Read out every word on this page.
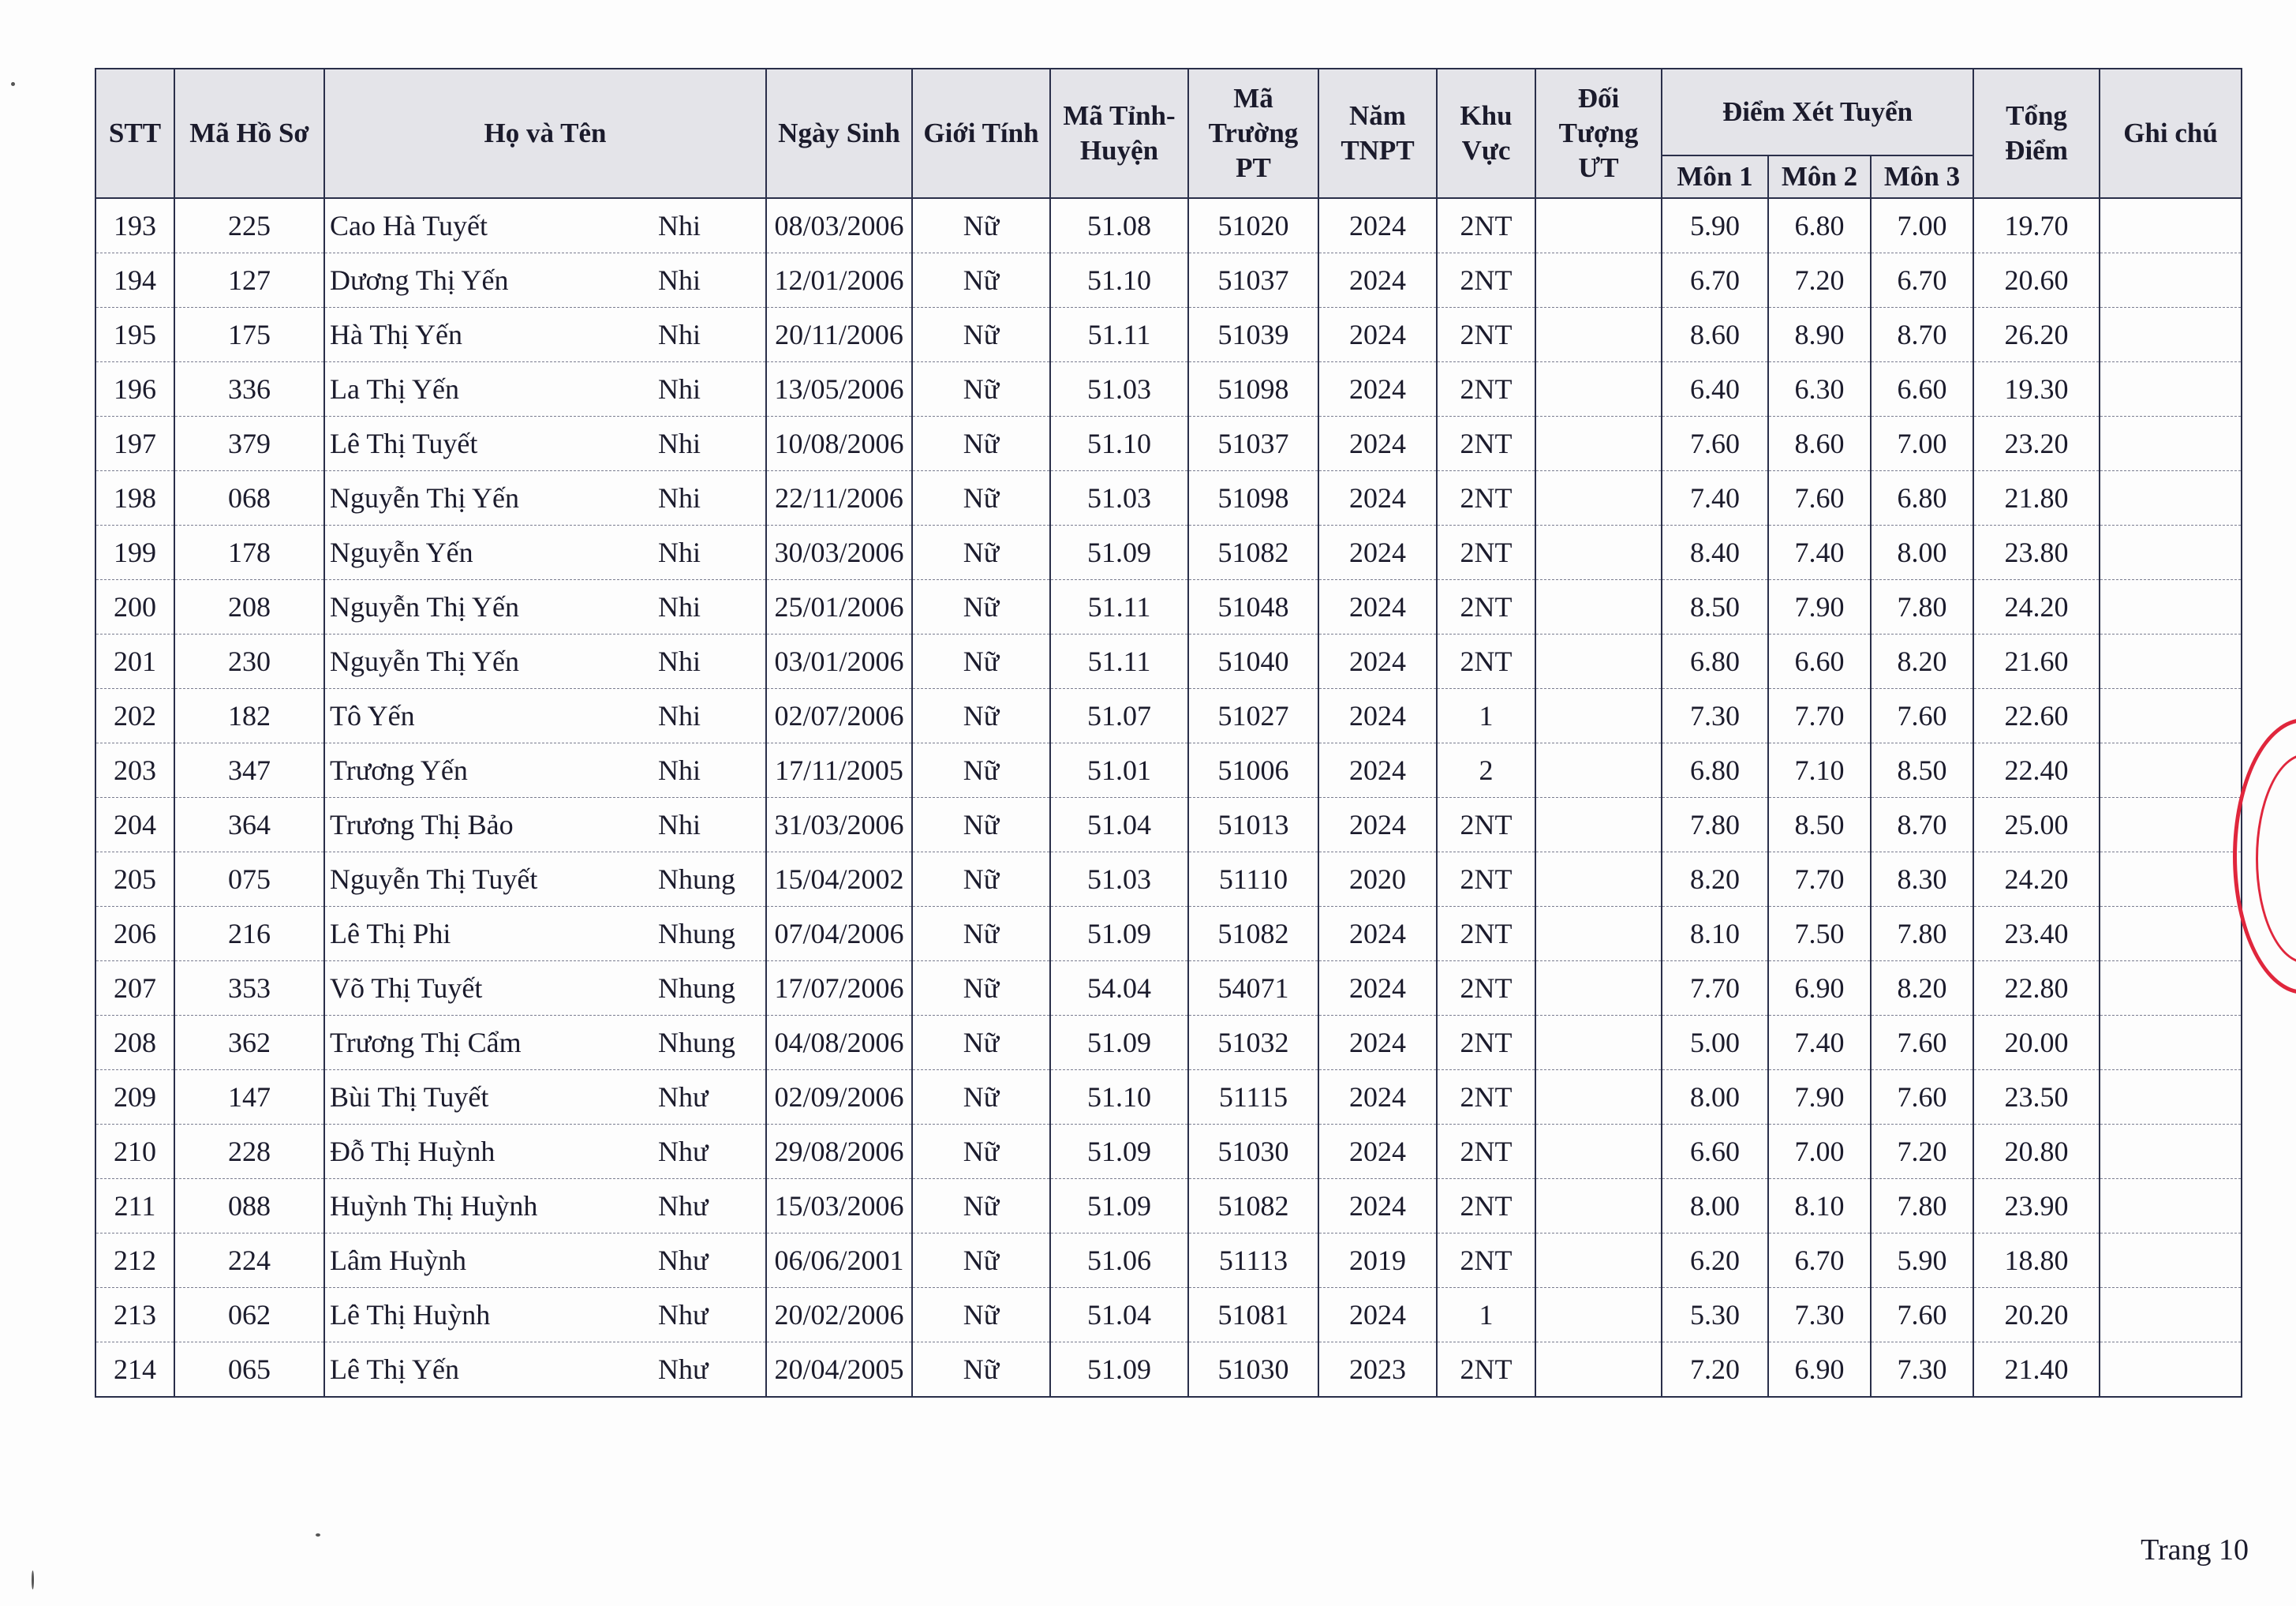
STT	Mã Hồ Sơ	Họ và Tên	Ngày Sinh	Giới Tính	Mã Tỉnh-Huyện	Mã Trường PT	Năm TNPT	Khu Vực	Đối Tượng ƯT	Điểm Xét Tuyển			Tổng Điểm	Ghi chú
										Môn 1	Môn 2	Môn 3		
193	225	Cao Hà Tuyết Nhi	08/03/2006	Nữ	51.08	51020	2024	2NT		5.90	6.80	7.00	19.70	
194	127	Dương Thị Yến Nhi	12/01/2006	Nữ	51.10	51037	2024	2NT		6.70	7.20	6.70	20.60	
195	175	Hà Thị Yến Nhi	20/11/2006	Nữ	51.11	51039	2024	2NT		8.60	8.90	8.70	26.20	
196	336	La Thị Yến Nhi	13/05/2006	Nữ	51.03	51098	2024	2NT		6.40	6.30	6.60	19.30	
197	379	Lê Thị Tuyết Nhi	10/08/2006	Nữ	51.10	51037	2024	2NT		7.60	8.60	7.00	23.20	
198	068	Nguyễn Thị Yến Nhi	22/11/2006	Nữ	51.03	51098	2024	2NT		7.40	7.60	6.80	21.80	
199	178	Nguyễn Yến Nhi	30/03/2006	Nữ	51.09	51082	2024	2NT		8.40	7.40	8.00	23.80	
200	208	Nguyễn Thị Yến Nhi	25/01/2006	Nữ	51.11	51048	2024	2NT		8.50	7.90	7.80	24.20	
201	230	Nguyễn Thị Yến Nhi	03/01/2006	Nữ	51.11	51040	2024	2NT		6.80	6.60	8.20	21.60	
202	182	Tô Yến Nhi	02/07/2006	Nữ	51.07	51027	2024	1		7.30	7.70	7.60	22.60	
203	347	Trương Yến Nhi	17/11/2005	Nữ	51.01	51006	2024	2		6.80	7.10	8.50	22.40	
204	364	Trương Thị Bảo Nhi	31/03/2006	Nữ	51.04	51013	2024	2NT		7.80	8.50	8.70	25.00	
205	075	Nguyễn Thị Tuyết Nhung	15/04/2002	Nữ	51.03	51110	2020	2NT		8.20	7.70	8.30	24.20	
206	216	Lê Thị Phi Nhung	07/04/2006	Nữ	51.09	51082	2024	2NT		8.10	7.50	7.80	23.40	
207	353	Võ Thị Tuyết Nhung	17/07/2006	Nữ	54.04	54071	2024	2NT		7.70	6.90	8.20	22.80	
208	362	Trương Thị Cẩm Nhung	04/08/2006	Nữ	51.09	51032	2024	2NT		5.00	7.40	7.60	20.00	
209	147	Bùi Thị Tuyết Như	02/09/2006	Nữ	51.10	51115	2024	2NT		8.00	7.90	7.60	23.50	
210	228	Đỗ Thị Huỳnh Như	29/08/2006	Nữ	51.09	51030	2024	2NT		6.60	7.00	7.20	20.80	
211	088	Huỳnh Thị Huỳnh Như	15/03/2006	Nữ	51.09	51082	2024	2NT		8.00	8.10	7.80	23.90	
212	224	Lâm Huỳnh Như	06/06/2001	Nữ	51.06	51113	2019	2NT		6.20	6.70	5.90	18.80	
213	062	Lê Thị Huỳnh Như	20/02/2006	Nữ	51.04	51081	2024	1		5.30	7.30	7.60	20.20	
214	065	Lê Thị Yến Như	20/04/2005	Nữ	51.09	51030	2023	2NT		7.20	6.90	7.30	21.40	
Trang 10
